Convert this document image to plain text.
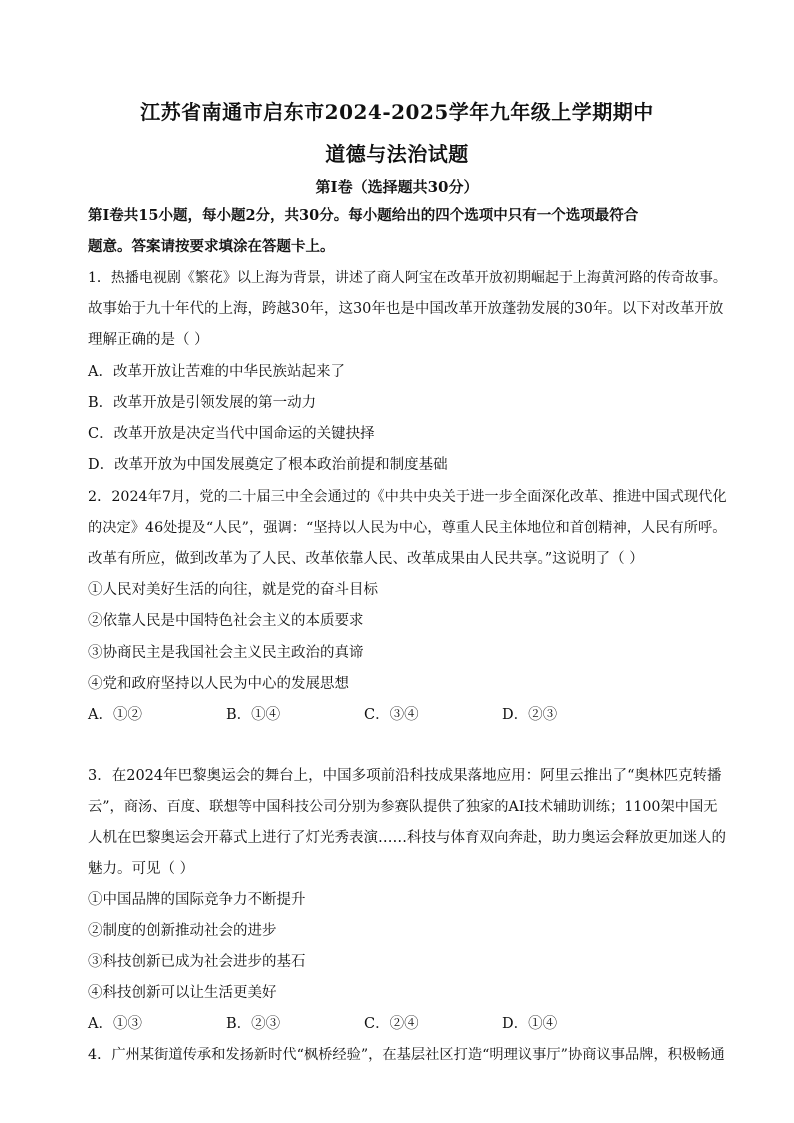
江苏省南通市启东市2024-2025学年九年级上学期期中
道德与法治试题
第Ⅰ卷（选择题共30分）
第Ⅰ卷共15小题，每小题2分，共30分。每小题给出的四个选项中只有一个选项最符合
题意。答案请按要求填涂在答题卡上。
1．热播电视剧《繁花》以上海为背景，讲述了商人阿宝在改革开放初期崛起于上海黄河路的传奇故事。
故事始于九十年代的上海，跨越30年，这30年也是中国改革开放蓬勃发展的30年。以下对改革开放
理解正确的是（ ）
A．改革开放让苦难的中华民族站起来了
B．改革开放是引领发展的第一动力
C．改革开放是决定当代中国命运的关键抉择
D．改革开放为中国发展奠定了根本政治前提和制度基础
2．2024年7月，党的二十届三中全会通过的《中共中央关于进一步全面深化改革、推进中国式现代化
的决定》46处提及“人民”，强调：“坚持以人民为中心，尊重人民主体地位和首创精神，人民有所呼。
改革有所应，做到改革为了人民、改革依靠人民、改革成果由人民共享。”这说明了（ ）
①人民对美好生活的向往，就是党的奋斗目标
②依靠人民是中国特色社会主义的本质要求
③协商民主是我国社会主义民主政治的真谛
④党和政府坚持以人民为中心的发展思想
A．①②	B．①④	C．③④	D．②③
3．在2024年巴黎奥运会的舞台上，中国多项前沿科技成果落地应用：阿里云推出了“奥林匹克转播
云”，商汤、百度、联想等中国科技公司分别为参赛队提供了独家的AI技术辅助训练；1100架中国无
人机在巴黎奥运会开幕式上进行了灯光秀表演……科技与体育双向奔赴，助力奥运会释放更加迷人的
魅力。可见（ ）
①中国品牌的国际竞争力不断提升
②制度的创新推动社会的进步
③科技创新已成为社会进步的基石
④科技创新可以让生活更美好
A．①③	B．②③	C．②④	D．①④
4．广州某街道传承和发扬新时代“枫桥经验”，在基层社区打造“明理议事厅”协商议事品牌，积极畅通
